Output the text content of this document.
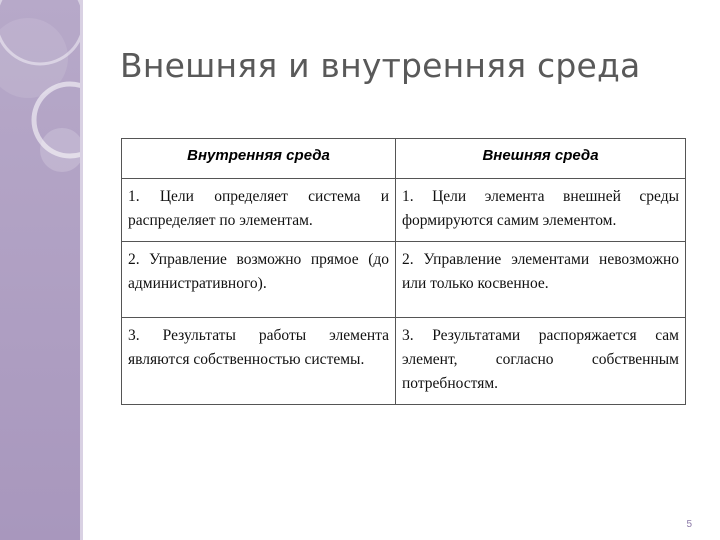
Внешняя и внутренняя среда
Внутренняя среда	Внешняя среда
1. Цели определяет система и распределяет по элементам.	1. Цели элемента внешней среды формируются самим элементом.
2. Управление возможно прямое (до административного).	2. Управление элементами невозможно или только косвенное.
3. Результаты работы элемента являются собственностью системы.	3. Результатами распоряжается сам элемент, согласно собственным потребностям.
5
